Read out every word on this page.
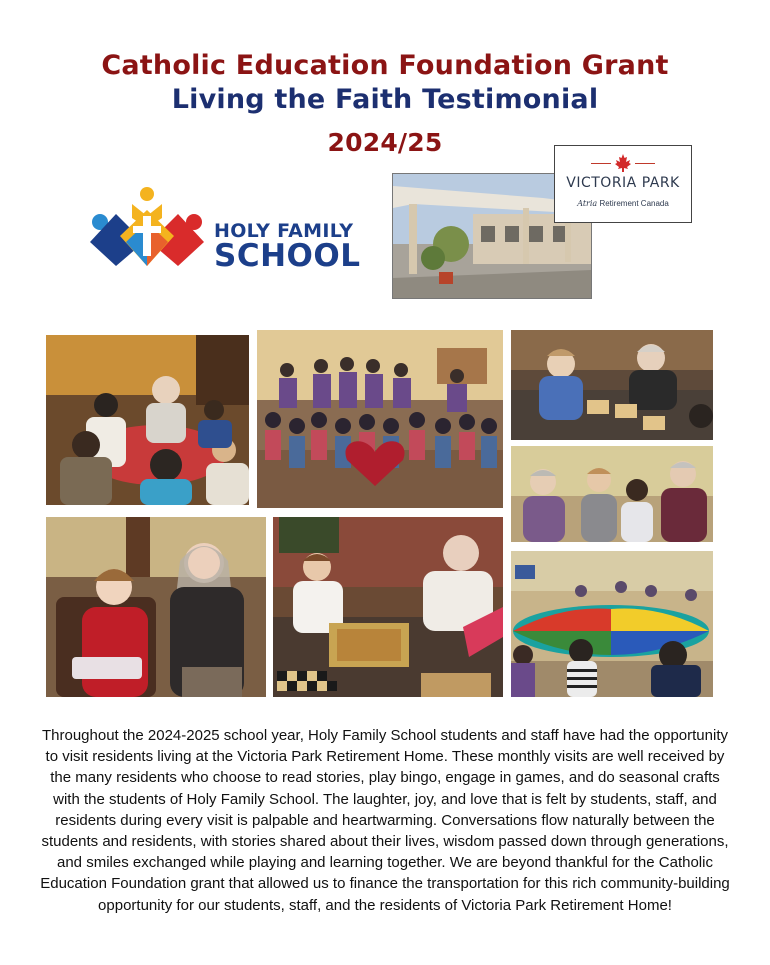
Catholic Education Foundation Grant
Living the Faith Testimonial
2024/25
HOLY FAMILY
SCHOOL
VICTORIA PARK
Atria Retirement Canada
Throughout the 2024-2025 school year, Holy Family School students and staff have had the opportunity to visit residents living at the Victoria Park Retirement Home. These monthly visits are well received by the many residents who choose to read stories, play bingo, engage in games, and do seasonal crafts with the students of Holy Family School. The laughter, joy, and love that is felt by students, staff, and residents during every visit is palpable and heartwarming. Conversations flow naturally between the students and residents, with stories shared about their lives, wisdom passed down through generations, and smiles exchanged while playing and learning together. We are beyond thankful for the Catholic Education Foundation grant that allowed us to finance the transportation for this rich community-building opportunity for our students, staff, and the residents of Victoria Park Retirement Home!
